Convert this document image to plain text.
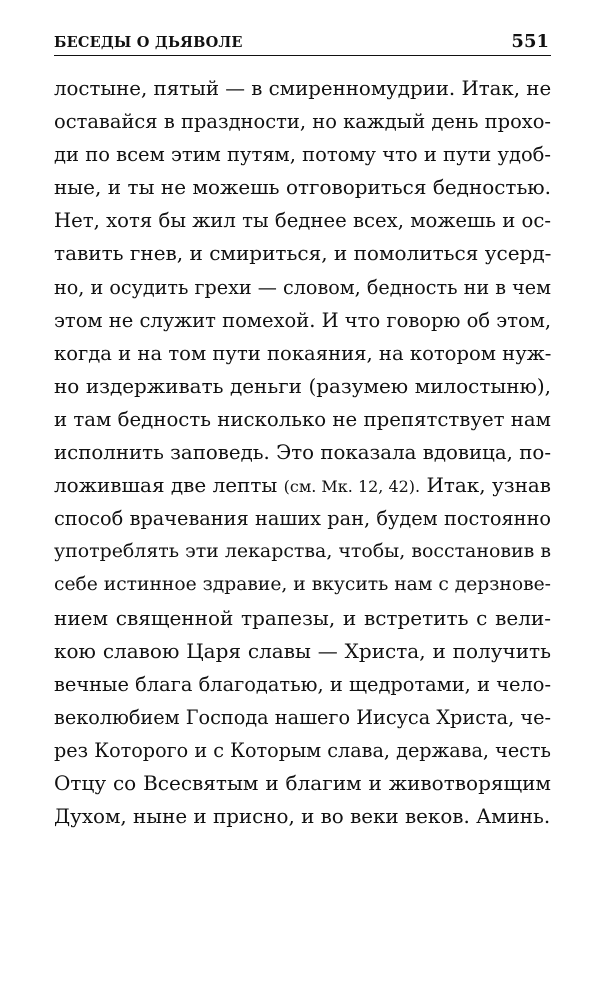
БЕСЕДЫ О ДЬЯВОЛЕ	551
лостыне, пятый — в смиренномудрии. Итак, не
оставайся в праздности, но каждый день прохо-
ди по всем этим путям, потому что и пути удоб-
ные, и ты не можешь отговориться бедностью.
Нет, хотя бы жил ты беднее всех, можешь и ос-
тавить гнев, и смириться, и помолиться усерд-
но, и осудить грехи — словом, бедность ни в чем
этом не служит помехой. И что говорю об этом,
когда и на том пути покаяния, на котором нуж-
но издерживать деньги (разумею милостыню),
и там бедность нисколько не препятствует нам
исполнить заповедь. Это показала вдовица, по-
ложившая две лепты (см. Мк. 12, 42). Итак, узнав
способ врачевания наших ран, будем постоянно
употреблять эти лекарства, чтобы, восстановив в
себе истинное здравие, и вкусить нам с дерзнове-
нием священной трапезы, и встретить с вели-
кою славою Царя славы — Христа, и получить
вечные блага благодатью, и щедротами, и чело-
веколюбием Господа нашего Иисуса Христа, че-
рез Которого и с Которым слава, держава, честь
Отцу со Всесвятым и благим и животворящим
Духом, ныне и присно, и во веки веков. Аминь.
